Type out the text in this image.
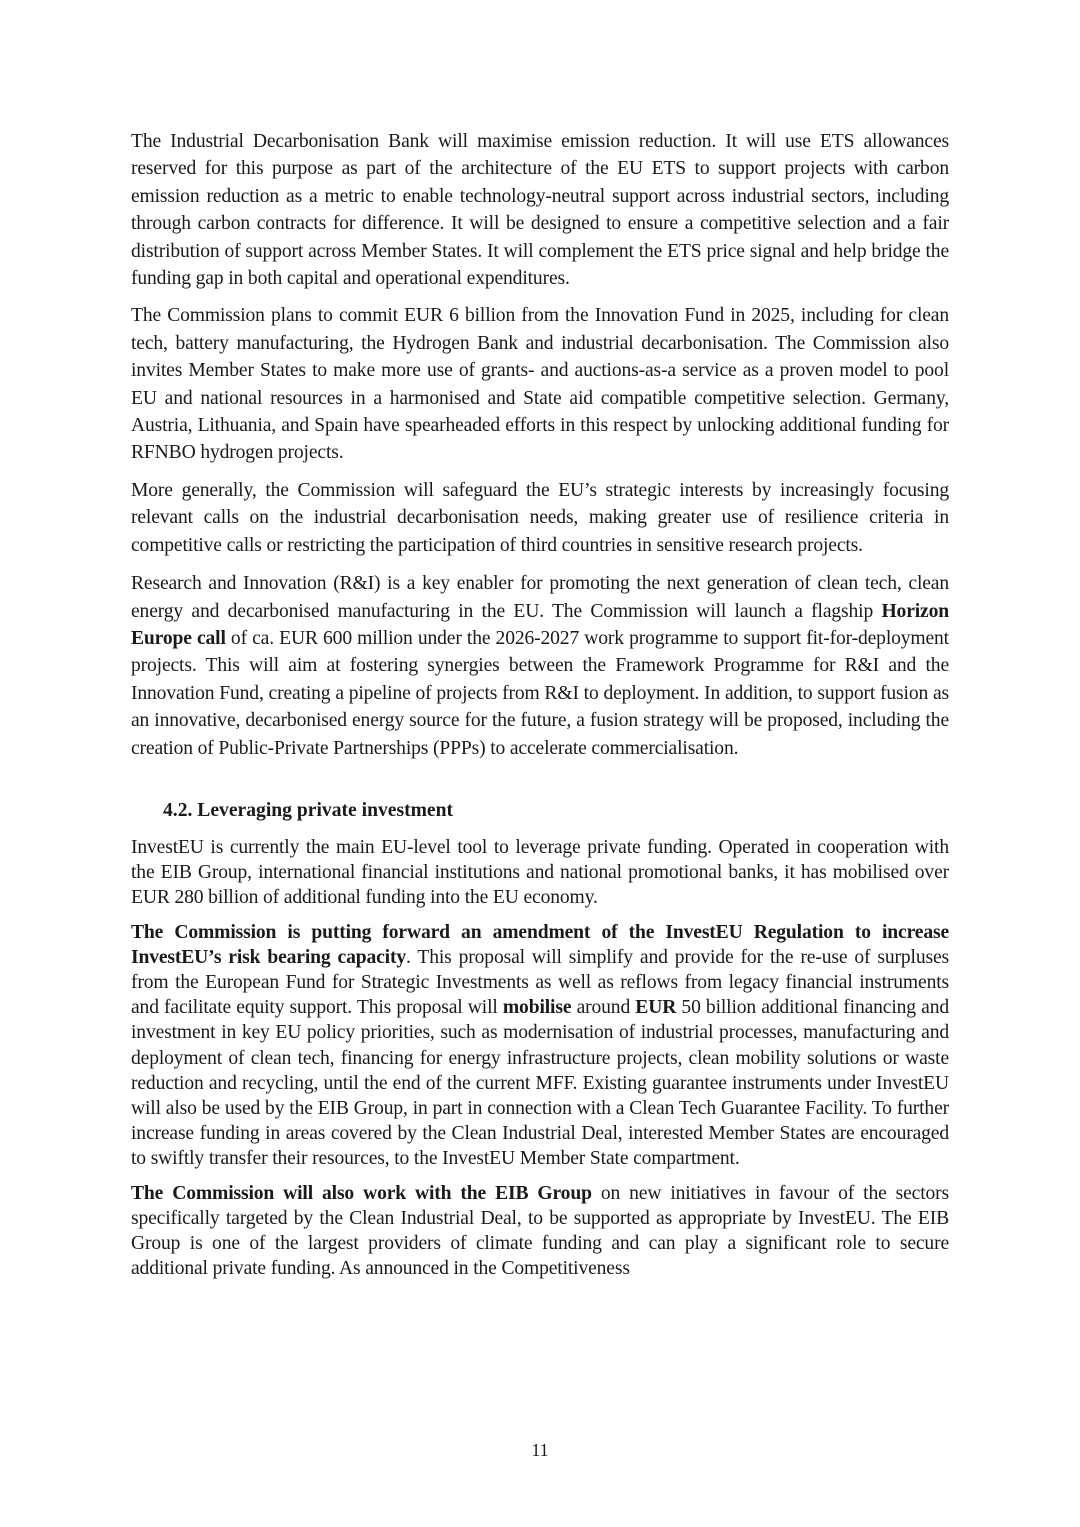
The Industrial Decarbonisation Bank will maximise emission reduction. It will use ETS allowances reserved for this purpose as part of the architecture of the EU ETS to support projects with carbon emission reduction as a metric to enable technology-neutral support across industrial sectors, including through carbon contracts for difference. It will be designed to ensure a competitive selection and a fair distribution of support across Member States. It will complement the ETS price signal and help bridge the funding gap in both capital and operational expenditures.

The Commission plans to commit EUR 6 billion from the Innovation Fund in 2025, including for clean tech, battery manufacturing, the Hydrogen Bank and industrial decarbonisation. The Commission also invites Member States to make more use of grants- and auctions-as-a service as a proven model to pool EU and national resources in a harmonised and State aid compatible competitive selection. Germany, Austria, Lithuania, and Spain have spearheaded efforts in this respect by unlocking additional funding for RFNBO hydrogen projects.

More generally, the Commission will safeguard the EU’s strategic interests by increasingly focusing relevant calls on the industrial decarbonisation needs, making greater use of resilience criteria in competitive calls or restricting the participation of third countries in sensitive research projects.

Research and Innovation (R&I) is a key enabler for promoting the next generation of clean tech, clean energy and decarbonised manufacturing in the EU. The Commission will launch a flagship Horizon Europe call of ca. EUR 600 million under the 2026-2027 work programme to support fit-for-deployment projects. This will aim at fostering synergies between the Framework Programme for R&I and the Innovation Fund, creating a pipeline of projects from R&I to deployment. In addition, to support fusion as an innovative, decarbonised energy source for the future, a fusion strategy will be proposed, including the creation of Public-Private Partnerships (PPPs) to accelerate commercialisation.

4.2. Leveraging private investment

InvestEU is currently the main EU-level tool to leverage private funding. Operated in cooperation with the EIB Group, international financial institutions and national promotional banks, it has mobilised over EUR 280 billion of additional funding into the EU economy.

The Commission is putting forward an amendment of the InvestEU Regulation to increase InvestEU’s risk bearing capacity. This proposal will simplify and provide for the re-use of surpluses from the European Fund for Strategic Investments as well as reflows from legacy financial instruments and facilitate equity support. This proposal will mobilise around EUR 50 billion additional financing and investment in key EU policy priorities, such as modernisation of industrial processes, manufacturing and deployment of clean tech, financing for energy infrastructure projects, clean mobility solutions or waste reduction and recycling, until the end of the current MFF. Existing guarantee instruments under InvestEU will also be used by the EIB Group, in part in connection with a Clean Tech Guarantee Facility. To further increase funding in areas covered by the Clean Industrial Deal, interested Member States are encouraged to swiftly transfer their resources, to the InvestEU Member State compartment.

The Commission will also work with the EIB Group on new initiatives in favour of the sectors specifically targeted by the Clean Industrial Deal, to be supported as appropriate by InvestEU. The EIB Group is one of the largest providers of climate funding and can play a significant role to secure additional private funding. As announced in the Competitiveness

11
